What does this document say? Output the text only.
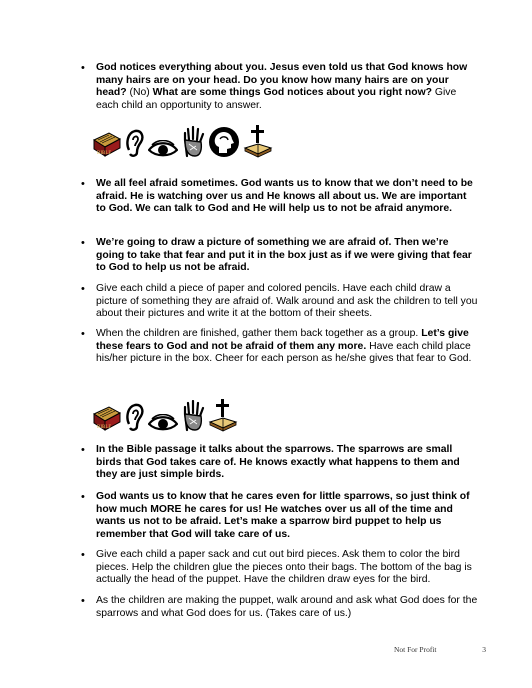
• God notices everything about you. Jesus even told us that God knows how many hairs are on your head. Do you know how many hairs are on your head? (No) What are some things God notices about you right now? Give each child an opportunity to answer.
BIBLE
• We all feel afraid sometimes. God wants us to know that we don’t need to be afraid. He is watching over us and He knows all about us. We are important to God. We can talk to God and He will help us to not be afraid anymore.
• We’re going to draw a picture of something we are afraid of. Then we’re going to take that fear and put it in the box just as if we were giving that fear to God to help us not be afraid.
• Give each child a piece of paper and colored pencils. Have each child draw a picture of something they are afraid of. Walk around and ask the children to tell you about their pictures and write it at the bottom of their sheets.
• When the children are finished, gather them back together as a group. Let’s give these fears to God and not be afraid of them any more. Have each child place his/her picture in the box. Cheer for each person as he/she gives that fear to God.
BIBLE
• In the Bible passage it talks about the sparrows. The sparrows are small birds that God takes care of. He knows exactly what happens to them and they are just simple birds.
• God wants us to know that he cares even for little sparrows, so just think of how much MORE he cares for us! He watches over us all of the time and wants us not to be afraid. Let’s make a sparrow bird puppet to help us remember that God will take care of us.
• Give each child a paper sack and cut out bird pieces. Ask them to color the bird pieces. Help the children glue the pieces onto their bags. The bottom of the bag is actually the head of the puppet. Have the children draw eyes for the bird.
• As the children are making the puppet, walk around and ask what God does for the sparrows and what God does for us. (Takes care of us.)
Not For Profit	3
